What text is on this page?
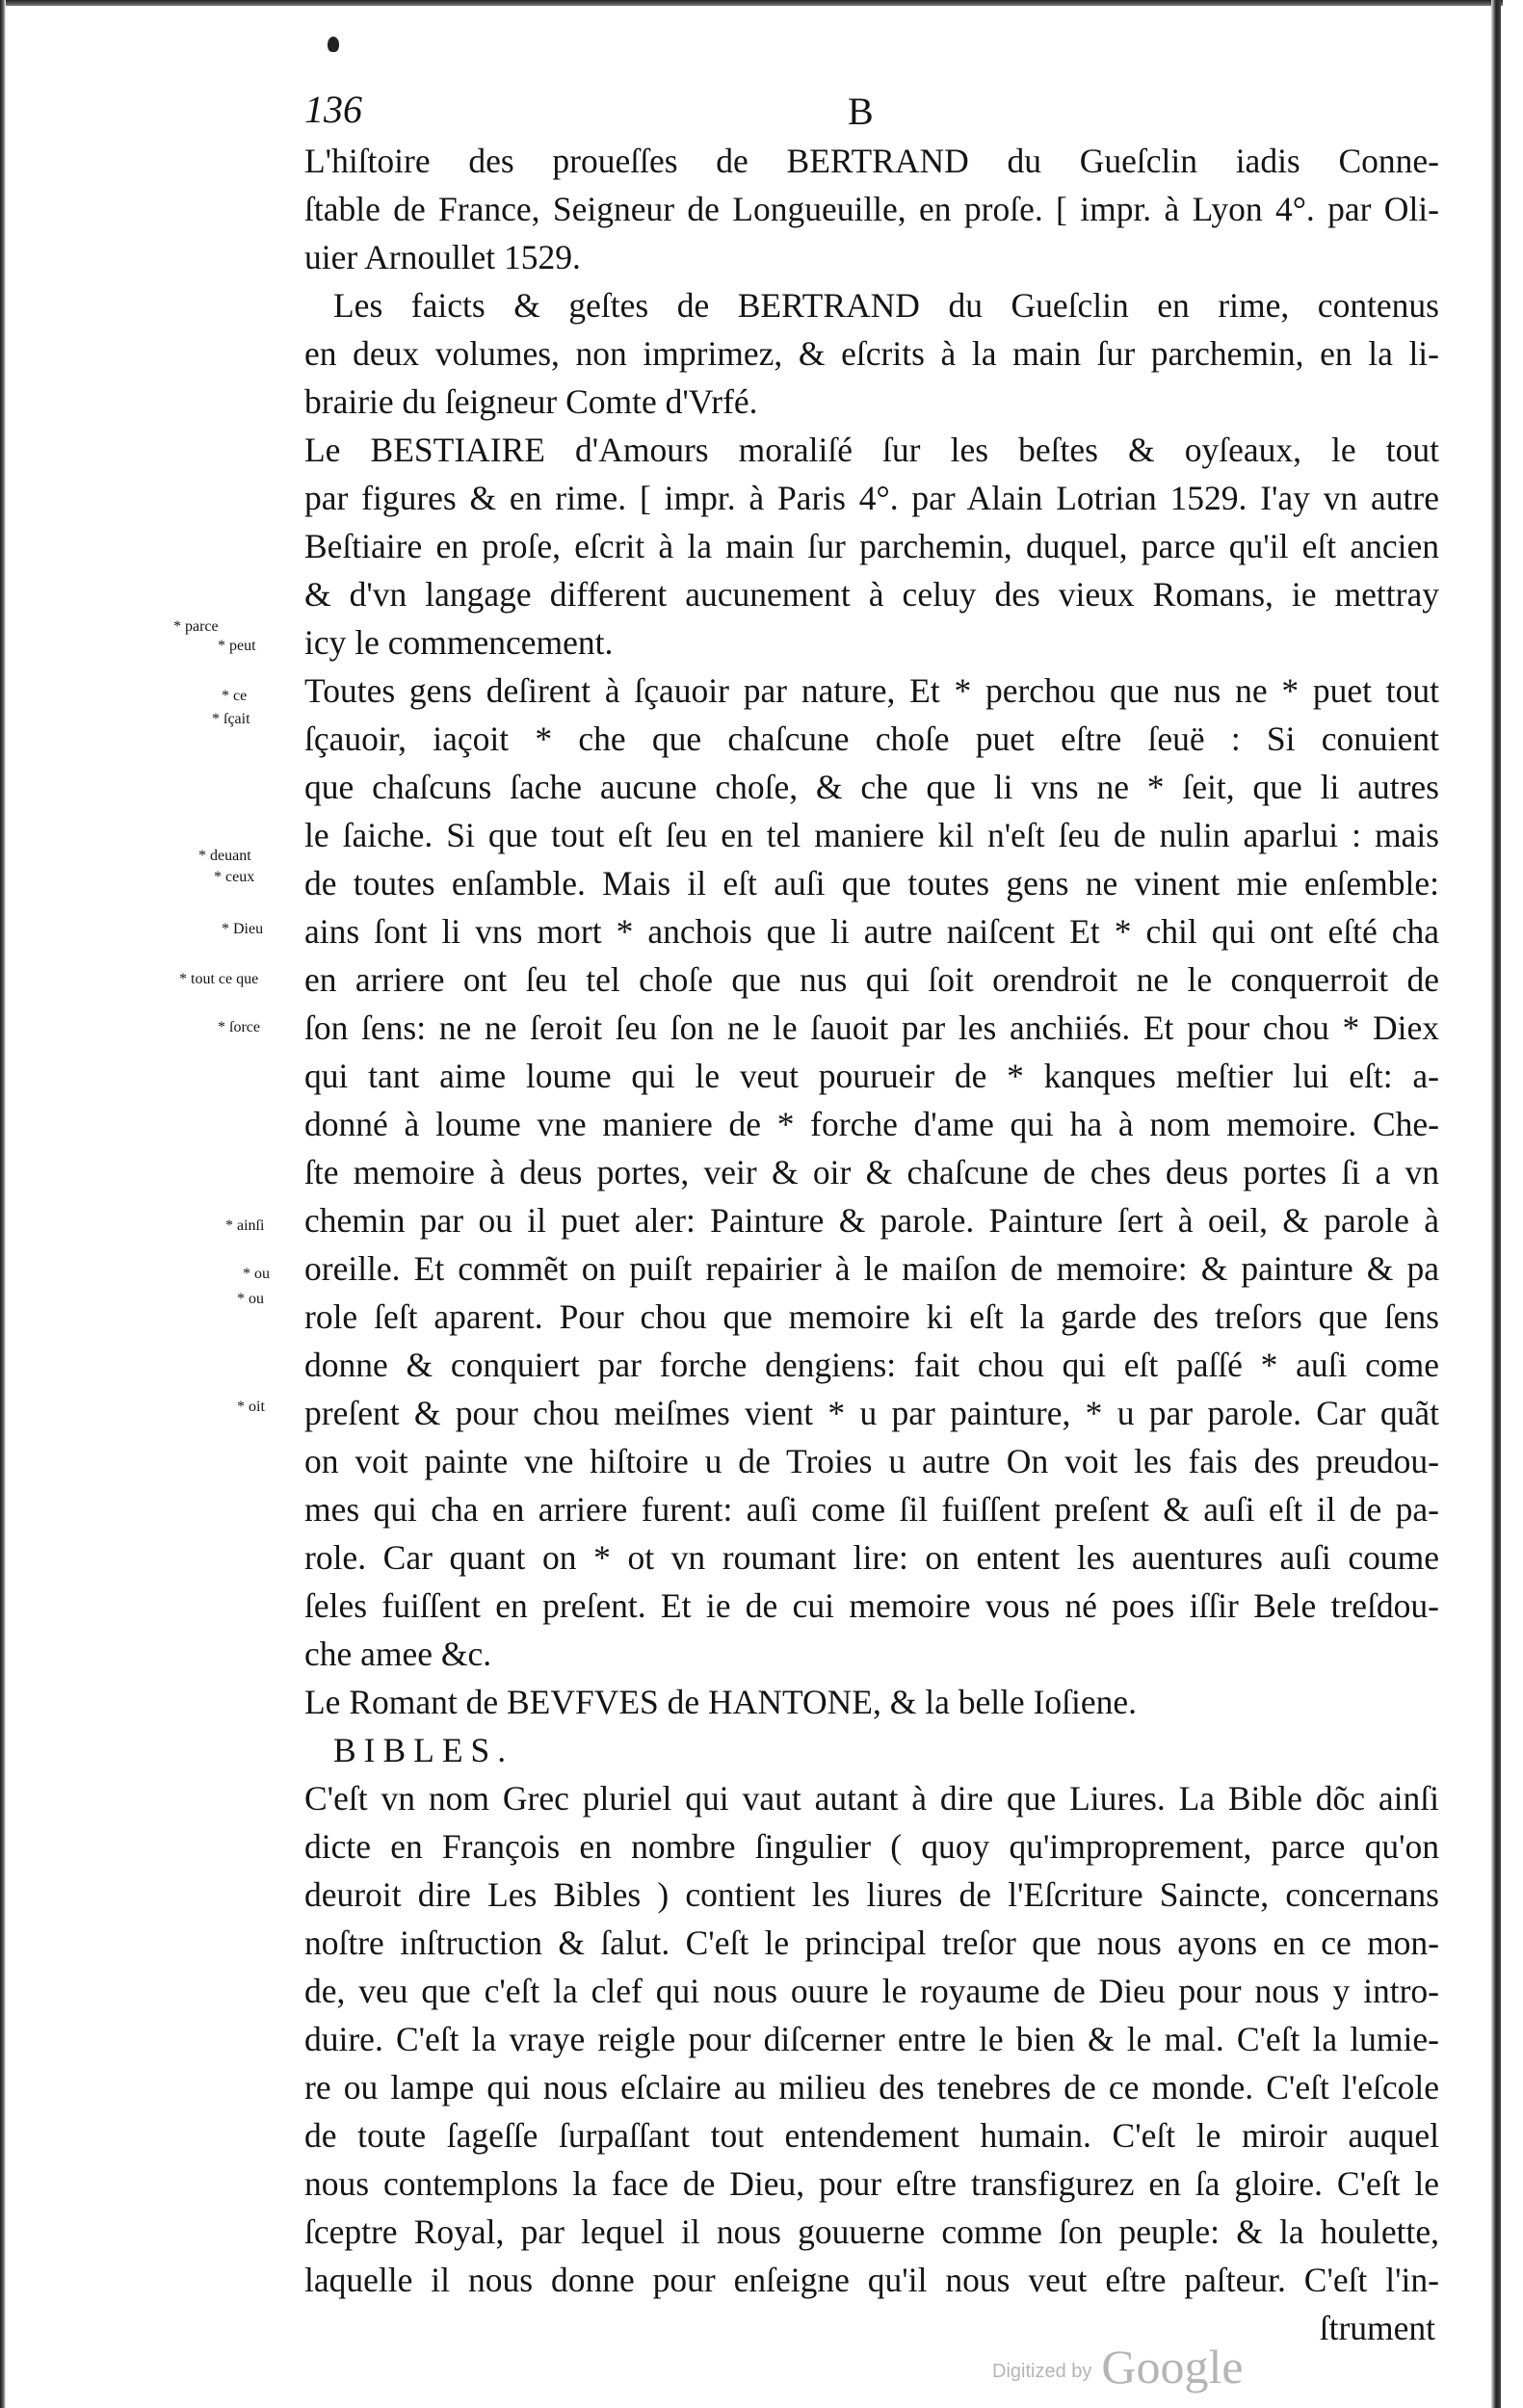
136	B
L'hiſtoire des proueſſes de BERTRAND du Gueſclin iadis Conne-
ſtable de France, Seigneur de Longueuille, en proſe. [ impr. à Lyon 4°. par Oli-
uier Arnoullet 1529.
Les faicts & geſtes de BERTRAND du Gueſclin en rime, contenus
en deux volumes, non imprimez, & eſcrits à la main ſur parchemin, en la li-
brairie du ſeigneur Comte d'Vrfé.
Le BESTIAIRE d'Amours moraliſé ſur les beſtes & oyſeaux, le tout
par figures & en rime. [ impr. à Paris 4°. par Alain Lotrian 1529. I'ay vn autre
Beſtiaire en proſe, eſcrit à la main ſur parchemin, duquel, parce qu'il eſt ancien
& d'vn langage different aucunement à celuy des vieux Romans, ie mettray
icy le commencement.
Toutes gens deſirent à ſçauoir par nature, Et * perchou que nus ne * puet tout
ſçauoir, iaçoit * che que chaſcune choſe puet eſtre ſeuë : Si conuient
que chaſcuns ſache aucune choſe, & che que li vns ne * ſeit, que li autres
le ſaiche. Si que tout eſt ſeu en tel maniere kil n'eſt ſeu de nulin aparlui : mais
de toutes enſamble. Mais il eſt auſi que toutes gens ne vinent mie enſemble:
ains ſont li vns mort * anchois que li autre naiſcent Et * chil qui ont eſté cha
en arriere ont ſeu tel choſe que nus qui ſoit orendroit ne le conquerroit de
ſon ſens: ne ne ſeroit ſeu ſon ne le ſauoit par les anchiiés. Et pour chou * Diex
qui tant aime loume qui le veut pourueir de * kanques meſtier lui eſt: a-
donné à loume vne maniere de * forche d'ame qui ha à nom memoire. Che-
ſte memoire à deus portes, veir & oir & chaſcune de ches deus portes ſi a vn
chemin par ou il puet aler: Painture & parole. Painture ſert à oeil, & parole à
oreille. Et commẽt on puiſt repairier à le maiſon de memoire: & painture & pa
role ſeſt aparent. Pour chou que memoire ki eſt la garde des treſors que ſens
donne & conquiert par forche dengiens: fait chou qui eſt paſſé * auſi come
preſent & pour chou meiſmes vient * u par painture, * u par parole. Car quãt
on voit painte vne hiſtoire u de Troies u autre On voit les fais des preudou-
mes qui cha en arriere furent: auſi come ſil fuiſſent preſent & auſi eſt il de pa-
role. Car quant on * ot vn roumant lire: on entent les auentures auſi coume
ſeles fuiſſent en preſent. Et ie de cui memoire vous né poes iſſir Bele treſdou-
che amee &c.
Le Romant de BEVFVES de HANTONE, & la belle Ioſiene.
BIBLES.
C'eſt vn nom Grec pluriel qui vaut autant à dire que Liures. La Bible dõc ainſi
dicte en François en nombre ſingulier ( quoy qu'improprement, parce qu'on
deuroit dire Les Bibles ) contient les liures de l'Eſcriture Saincte, concernans
noſtre inſtruction & ſalut. C'eſt le principal treſor que nous ayons en ce mon-
de, veu que c'eſt la clef qui nous ouure le royaume de Dieu pour nous y intro-
duire. C'eſt la vraye reigle pour diſcerner entre le bien & le mal. C'eſt la lumie-
re ou lampe qui nous eſclaire au milieu des tenebres de ce monde. C'eſt l'eſcole
de toute ſageſſe ſurpaſſant tout entendement humain. C'eſt le miroir auquel
nous contemplons la face de Dieu, pour eſtre transfigurez en ſa gloire. C'eſt le
ſceptre Royal, par lequel il nous gouuerne comme ſon peuple: & la houlette,
laquelle il nous donne pour enſeigne qu'il nous veut eſtre paſteur. C'eſt l'in-
ſtrument
* parce
* peut
* ce
* ſçait
* deuant
* ceux
* Dieu
* tout ce que
* ſorce
* ainſi
* ou
* ou
* oit
Digitized by Google
